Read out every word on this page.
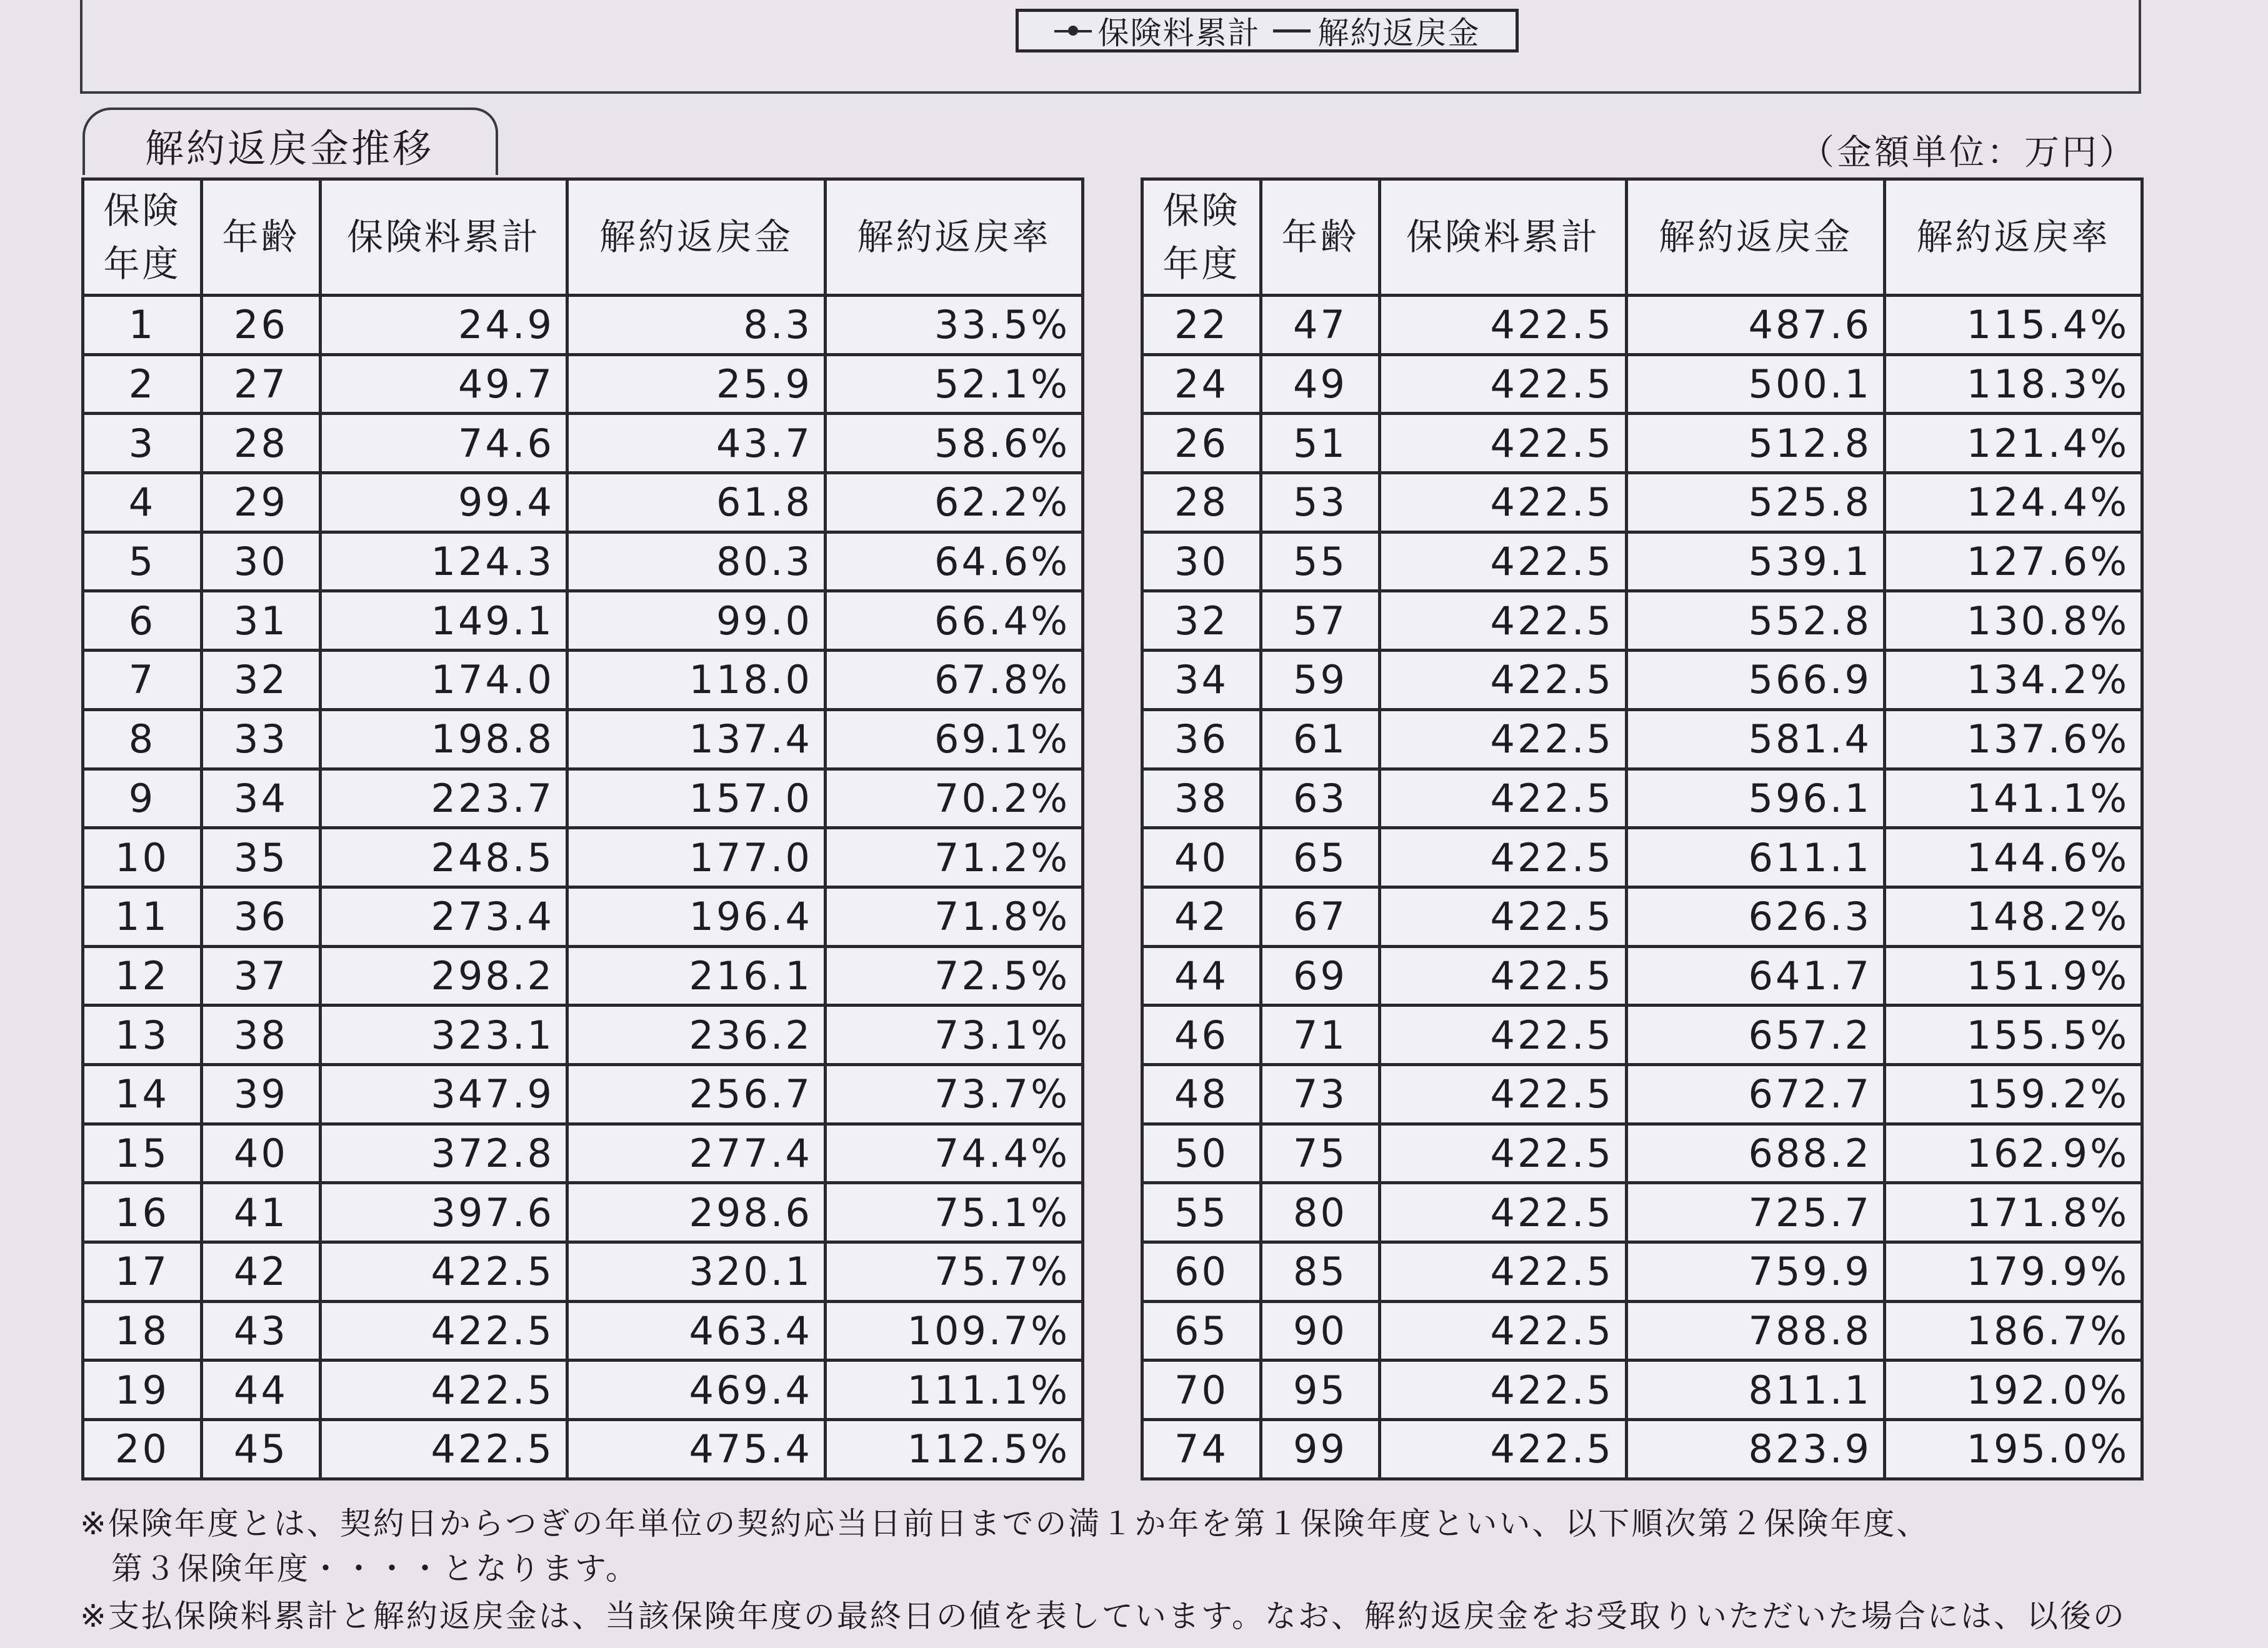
保険料累計 解約返戻金
解約返戻金推移	（金額単位：万円）
保険
年度	年齢	保険料累計	解約返戻金	解約返戻率
1	26	24.9	8.3	33.5%
2	27	49.7	25.9	52.1%
3	28	74.6	43.7	58.6%
4	29	99.4	61.8	62.2%
5	30	124.3	80.3	64.6%
6	31	149.1	99.0	66.4%
7	32	174.0	118.0	67.8%
8	33	198.8	137.4	69.1%
9	34	223.7	157.0	70.2%
10	35	248.5	177.0	71.2%
11	36	273.4	196.4	71.8%
12	37	298.2	216.1	72.5%
13	38	323.1	236.2	73.1%
14	39	347.9	256.7	73.7%
15	40	372.8	277.4	74.4%
16	41	397.6	298.6	75.1%
17	42	422.5	320.1	75.7%
18	43	422.5	463.4	109.7%
19	44	422.5	469.4	111.1%
20	45	422.5	475.4	112.5%
保険
年度	年齢	保険料累計	解約返戻金	解約返戻率
22	47	422.5	487.6	115.4%
24	49	422.5	500.1	118.3%
26	51	422.5	512.8	121.4%
28	53	422.5	525.8	124.4%
30	55	422.5	539.1	127.6%
32	57	422.5	552.8	130.8%
34	59	422.5	566.9	134.2%
36	61	422.5	581.4	137.6%
38	63	422.5	596.1	141.1%
40	65	422.5	611.1	144.6%
42	67	422.5	626.3	148.2%
44	69	422.5	641.7	151.9%
46	71	422.5	657.2	155.5%
48	73	422.5	672.7	159.2%
50	75	422.5	688.2	162.9%
55	80	422.5	725.7	171.8%
60	85	422.5	759.9	179.9%
65	90	422.5	788.8	186.7%
70	95	422.5	811.1	192.0%
74	99	422.5	823.9	195.0%
※保険年度とは、契約日からつぎの年単位の契約応当日前日までの満１か年を第１保険年度といい、以下順次第２保険年度、
第３保険年度・・・・となります。
※支払保険料累計と解約返戻金は、当該保険年度の最終日の値を表しています。なお、解約返戻金をお受取りいただいた場合には、以後の
